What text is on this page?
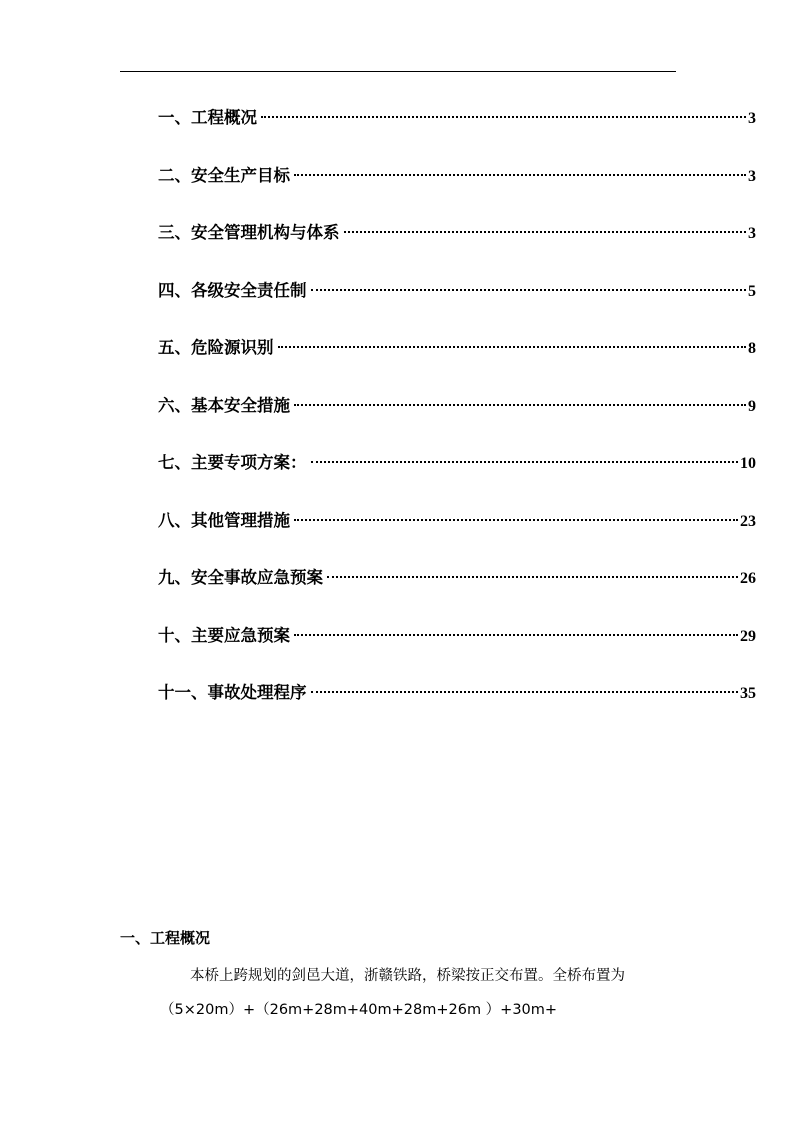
一、工程概况	3
二、安全生产目标	3
三、安全管理机构与体系	3
四、各级安全责任制	5
五、危险源识别	8
六、基本安全措施	9
七、主要专项方案：	10
八、其他管理措施	23
九、安全事故应急预案	26
十、主要应急预案	29
十一、事故处理程序	35
一、工程概况

本桥上跨规划的剑邑大道，浙赣铁路，桥梁按正交布置。全桥布置为

（5×20m）+（26m+28m+40m+28m+26m ）+30m+
